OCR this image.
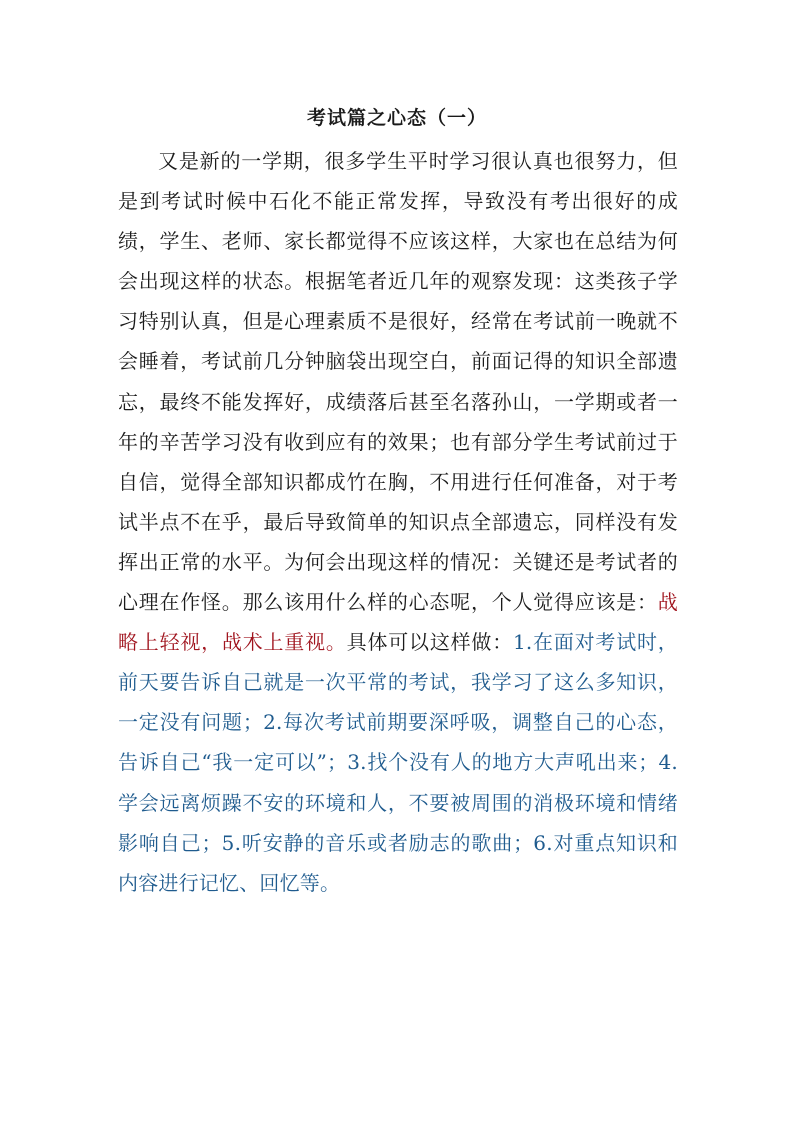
考试篇之心态（一）
又是新的一学期，很多学生平时学习很认真也很努力，但是到考试时候中石化不能正常发挥，导致没有考出很好的成绩，学生、老师、家长都觉得不应该这样，大家也在总结为何会出现这样的状态。根据笔者近几年的观察发现：这类孩子学习特别认真，但是心理素质不是很好，经常在考试前一晚就不会睡着，考试前几分钟脑袋出现空白，前面记得的知识全部遗忘，最终不能发挥好，成绩落后甚至名落孙山，一学期或者一年的辛苦学习没有收到应有的效果；也有部分学生考试前过于自信，觉得全部知识都成竹在胸，不用进行任何准备，对于考试半点不在乎，最后导致简单的知识点全部遗忘，同样没有发挥出正常的水平。为何会出现这样的情况：关键还是考试者的心理在作怪。那么该用什么样的心态呢，个人觉得应该是：战略上轻视，战术上重视。具体可以这样做：1.在面对考试时，前天要告诉自己就是一次平常的考试，我学习了这么多知识，一定没有问题；2.每次考试前期要深呼吸，调整自己的心态，告诉自己“我一定可以”；3.找个没有人的地方大声吼出来；4.学会远离烦躁不安的环境和人，不要被周围的消极环境和情绪影响自己；5.听安静的音乐或者励志的歌曲；6.对重点知识和内容进行记忆、回忆等。
